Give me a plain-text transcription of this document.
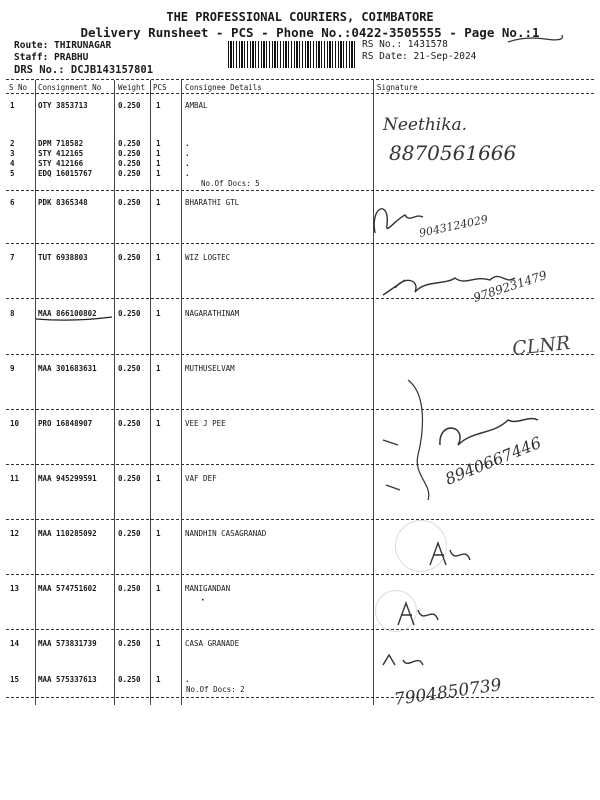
THE PROFESSIONAL COURIERS, COIMBATORE
Delivery Runsheet - PCS - Phone No.:0422-3505555 - Page No.:1
Route: THIRUNAGAR
Staff: PRABHU
DRS No.: DCJB143157801
RS No.: 1431578
RS Date: 21-Sep-2024
S No Consignment No Weight PCS Consignee Details	Signature
1	OTY 3853713	0.250 1	AMBAL
2	DPM 718582	0.250 1	.
3	STY 412165	0.250 1	.
4	STY 412166	0.250 1	.
5	EDQ 16015767	0.250 1	.
No.Of Docs: 5
6	PDK 8365348	0.250 1	BHARATHI GTL
7	TUT 6938803	0.250 1	WIZ LOGTEC
8	MAA 866100802	0.250 1	NAGARATHINAM
9	MAA 301683631	0.250 1	MUTHUSELVAM
10	PRO 16848907	0.250 1	VEE J PEE
11	MAA 945299591	0.250 1	VAF DEF
12	MAA 110285092	0.250 1	NANDHIN CASAGRANAD
13	MAA 574751602	0.250 1	MANIGANDAN
·
14	MAA 573831739	0.250 1	CASA GRANADE
15	MAA 575337613	0.250 1	.
No.Of Docs: 2
Neethika.
8870561666
9043124029
9789231479
CLNR
8940667446
7904850739
